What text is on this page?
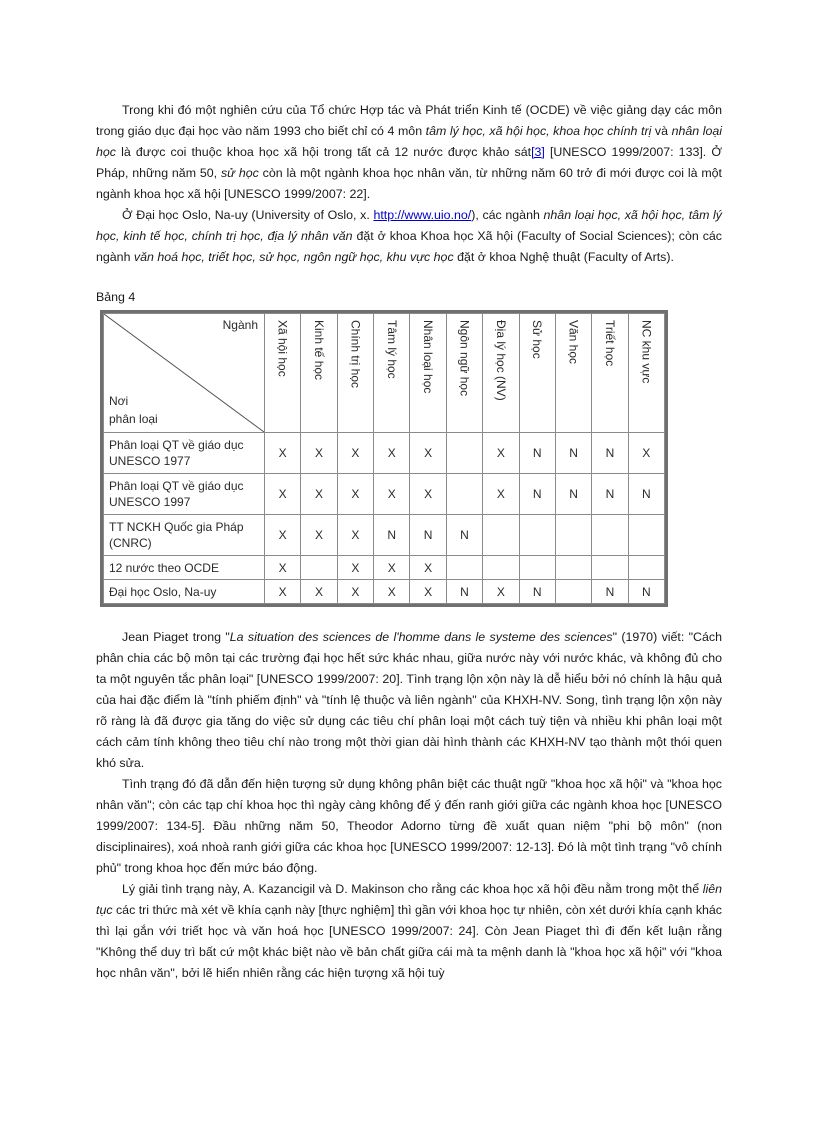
Trong khi đó một nghiên cứu của Tổ chức Hợp tác và Phát triển Kinh tế (OCDE) về việc giảng dạy các môn trong giáo dục đại học vào năm 1993 cho biết chỉ có 4 môn tâm lý học, xã hội học, khoa học chính trị và nhân loại học là được coi thuộc khoa học xã hội trong tất cả 12 nước được khảo sát[3] [UNESCO 1999/2007: 133]. Ở Pháp, những năm 50, sử học còn là một ngành khoa học nhân văn, từ những năm 60 trở đi mới được coi là một ngành khoa học xã hội [UNESCO 1999/2007: 22].

Ở Đại học Oslo, Na-uy (University of Oslo, x. http://www.uio.no/), các ngành nhân loại học, xã hội học, tâm lý học, kinh tế học, chính trị học, địa lý nhân văn đặt ở khoa Khoa học Xã hội (Faculty of Social Sciences); còn các ngành văn hoá học, triết học, sử học, ngôn ngữ học, khu vực học đặt ở khoa Nghệ thuật (Faculty of Arts).

Bảng 4
Ngành
Nơi
phân loại	Xã hội học	Kinh tế học	Chính trị học	Tâm lý học	Nhân loại học	Ngôn ngữ học	Địa lý học (NV)	Sử học	Văn học	Triết học	NC khu vực
Phân loại QT về giáo dục UNESCO 1977	X	X	X	X	X		X	N	N	N	X
Phân loại QT về giáo dục UNESCO 1997	X	X	X	X	X		X	N	N	N	N
TT NCKH Quốc gia Pháp (CNRC)	X	X	X	N	N	N					
12 nước theo OCDE	X		X	X	X						
Đại học Oslo, Na-uy	X	X	X	X	X	N	X	N		N	N

Jean Piaget trong "La situation des sciences de l'homme dans le systeme des sciences" (1970) viết: "Cách phân chia các bộ môn tại các trường đại học hết sức khác nhau, giữa nước này với nước khác, và không đủ cho ta một nguyên tắc phân loại" [UNESCO 1999/2007: 20]. Tình trạng lộn xộn này là dễ hiểu bởi nó chính là hậu quả của hai đặc điểm là "tính phiếm định" và "tính lệ thuộc và liên ngành" của KHXH-NV. Song, tình trạng lộn xộn này rõ ràng là đã được gia tăng do việc sử dụng các tiêu chí phân loại một cách tuỳ tiện và nhiều khi phân loại một cách cảm tính không theo tiêu chí nào trong một thời gian dài hình thành các KHXH-NV tạo thành một thói quen khó sửa.

Tình trạng đó đã dẫn đến hiện tượng sử dụng không phân biệt các thuật ngữ "khoa học xã hội" và "khoa học nhân văn"; còn các tạp chí khoa học thì ngày càng không để ý đến ranh giới giữa các ngành khoa học [UNESCO 1999/2007: 134-5]. Đầu những năm 50, Theodor Adorno từng đề xuất quan niệm "phi bộ môn" (non disciplinaires), xoá nhoà ranh giới giữa các khoa học [UNESCO 1999/2007: 12-13]. Đó là một tình trạng "vô chính phủ" trong khoa học đến mức báo động.

Lý giải tình trạng này, A. Kazancigil và D. Makinson cho rằng các khoa học xã hội đều nằm trong một thể liên tục các tri thức mà xét về khía cạnh này [thực nghiệm] thì gần với khoa học tự nhiên, còn xét dưới khía cạnh khác thì lại gắn với triết học và văn hoá học [UNESCO 1999/2007: 24]. Còn Jean Piaget thì đi đến kết luận rằng "Không thể duy trì bất cứ một khác biệt nào về bản chất giữa cái mà ta mệnh danh là "khoa học xã hội" với "khoa học nhân văn", bởi lẽ hiển nhiên rằng các hiện tượng xã hội tuỳ
